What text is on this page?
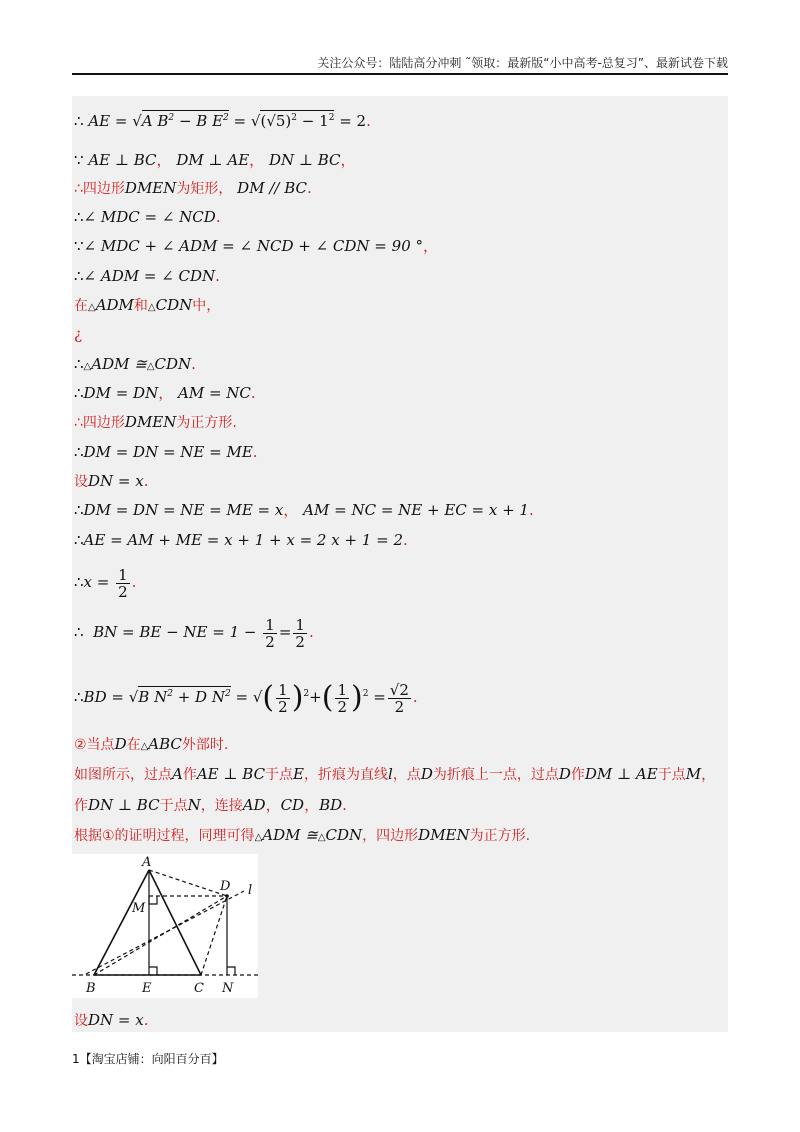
关注公众号：陆陆高分冲刺 ˜领取：最新版“小中高考-总复习”、最新试卷下载
∴ AE = √A $B^2 - B$ $E^2 = √(√5)^2 - 1^2 = 2$.
∵ AE ⊥ BC， DM ⊥ AE， DN ⊥ BC，
∴四边形DMEN为矩形， DM // BC.
∴∠ MDC = ∠ NCD.
∵∠ MDC + ∠ ADM = ∠ NCD + ∠ CDN = 90 °，
∴∠ ADM = ∠ CDN.
在△ADM和△CDN中，
¿
∴△ADM ≅△CDN.
∴DM = DN， AM = NC.
∴四边形DMEN为正方形.
∴DM = DN = NE = ME.
设DN = x.
∴DM = DN = NE = ME = x， AM = NC = NE + EC = x + 1.
∴AE = AM + ME = x + 1 + x = 2 x + 1 = 2.
∴x = $\frac{1}{2}$ .
∴ BN = BE − NE = $1 - \frac{1}{2} = \frac{1}{2}$ .
∴BD = √B $N^2 + D$ $N^2$ = √( $\frac{1}{2} )^2+( \frac{1}{2} )^2 = \frac{√2}{2}$ .
②当点D在△ABC外部时.
如图所示，过点A作AE ⊥ BC于点E，折痕为直线l，点D为折痕上一点，过点D作DM ⊥ AE于点M，
作DN ⊥ BC于点N，连接AD，CD，BD.
根据①的证明过程，同理可得△ADM ≅△CDN，四边形DMEN为正方形.
A
D l
M
B	E	C N
设DN = x.
1【淘宝店铺：向阳百分百】
